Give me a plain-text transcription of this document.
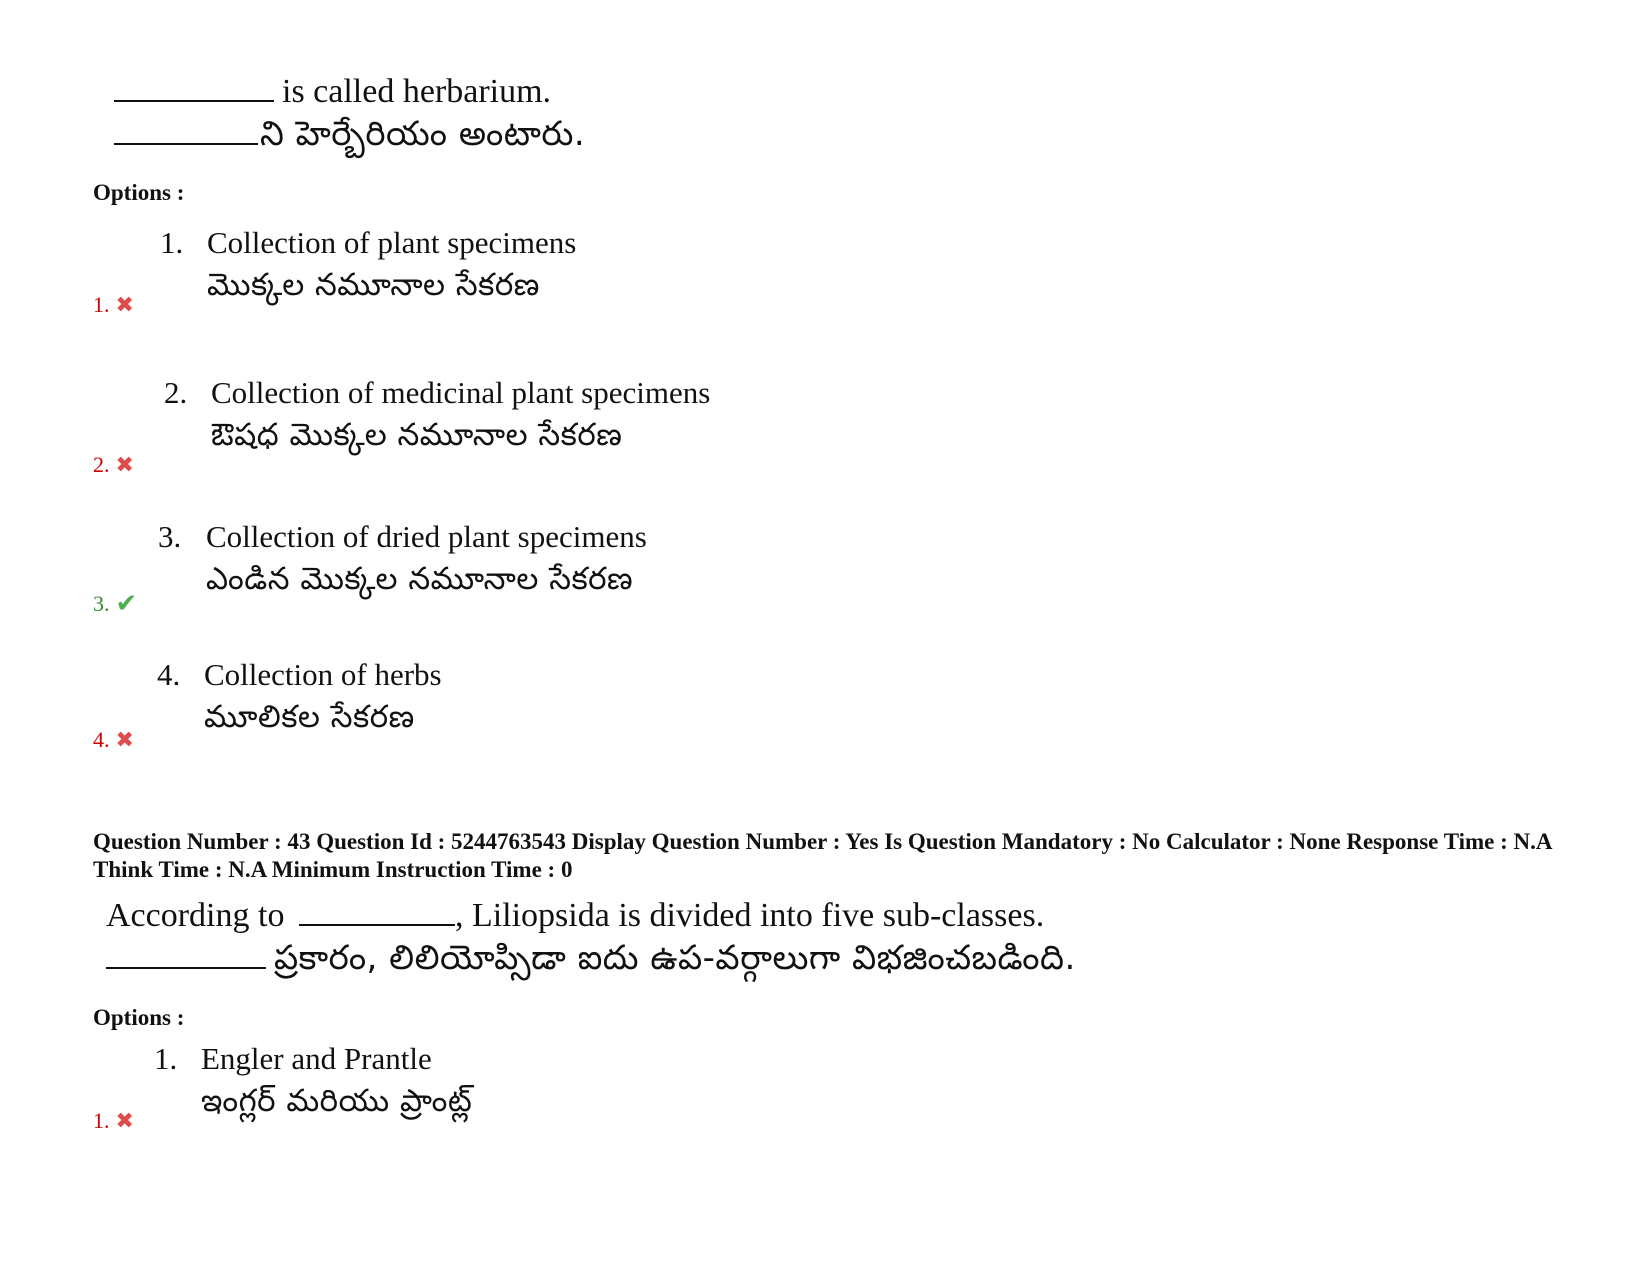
is called herbarium.
ని హెర్బేరియం అంటారు.
Options :
1. Collection of plant specimens
మొక్కల నమూనాల సేకరణ
1. ✖
2. Collection of medicinal plant specimens
ఔషధ మొక్కల నమూనాల సేకరణ
2. ✖
3. Collection of dried plant specimens
ఎండిన మొక్కల నమూనాల సేకరణ
3. ✔
4. Collection of herbs
మూలికల సేకరణ
4. ✖
Question Number : 43 Question Id : 5244763543 Display Question Number : Yes Is Question Mandatory : No Calculator : None Response Time : N.A Think Time : N.A Minimum Instruction Time : 0
According to	, Liliopsida is divided into five sub-classes.
ప్రకారం, లిలియోప్సిడా ఐదు ఉప-వర్గాలుగా విభజించబడింది.
Options :
1. Engler and Prantle
ఇంగ్లర్ మరియు ప్రాంట్ల్
1. ✖
